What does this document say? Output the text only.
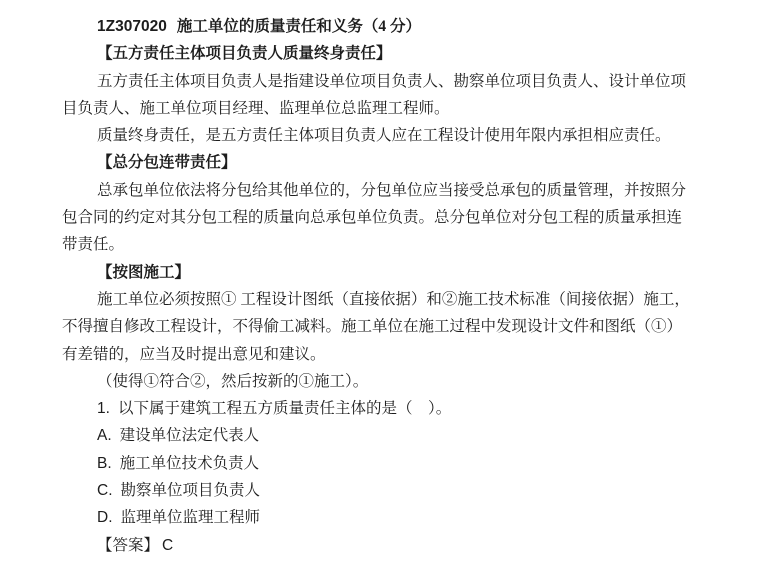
1Z307020 施工单位的质量责任和义务（4 分）
【五方责任主体项目负责人质量终身责任】
五方责任主体项目负责人是指建设单位项目负责人、勘察单位项目负责人、设计单位项
目负责人、施工单位项目经理、监理单位总监理工程师。
质量终身责任，是五方责任主体项目负责人应在工程设计使用年限内承担相应责任。
【总分包连带责任】
总承包单位依法将分包给其他单位的，分包单位应当接受总承包的质量管理，并按照分
包合同的约定对其分包工程的质量向总承包单位负责。总分包单位对分包工程的质量承担连
带责任。
【按图施工】
施工单位必须按照① 工程设计图纸（直接依据）和②施工技术标准（间接依据）施工，
不得擅自修改工程设计，不得偷工减料。施工单位在施工过程中发现设计文件和图纸（①）
有差错的，应当及时提出意见和建议。
（使得①符合②，然后按新的①施工）。
1. 以下属于建筑工程五方质量责任主体的是（　）。
A. 建设单位法定代表人
B. 施工单位技术负责人
C. 勘察单位项目负责人
D. 监理单位监理工程师
【答案】 C
